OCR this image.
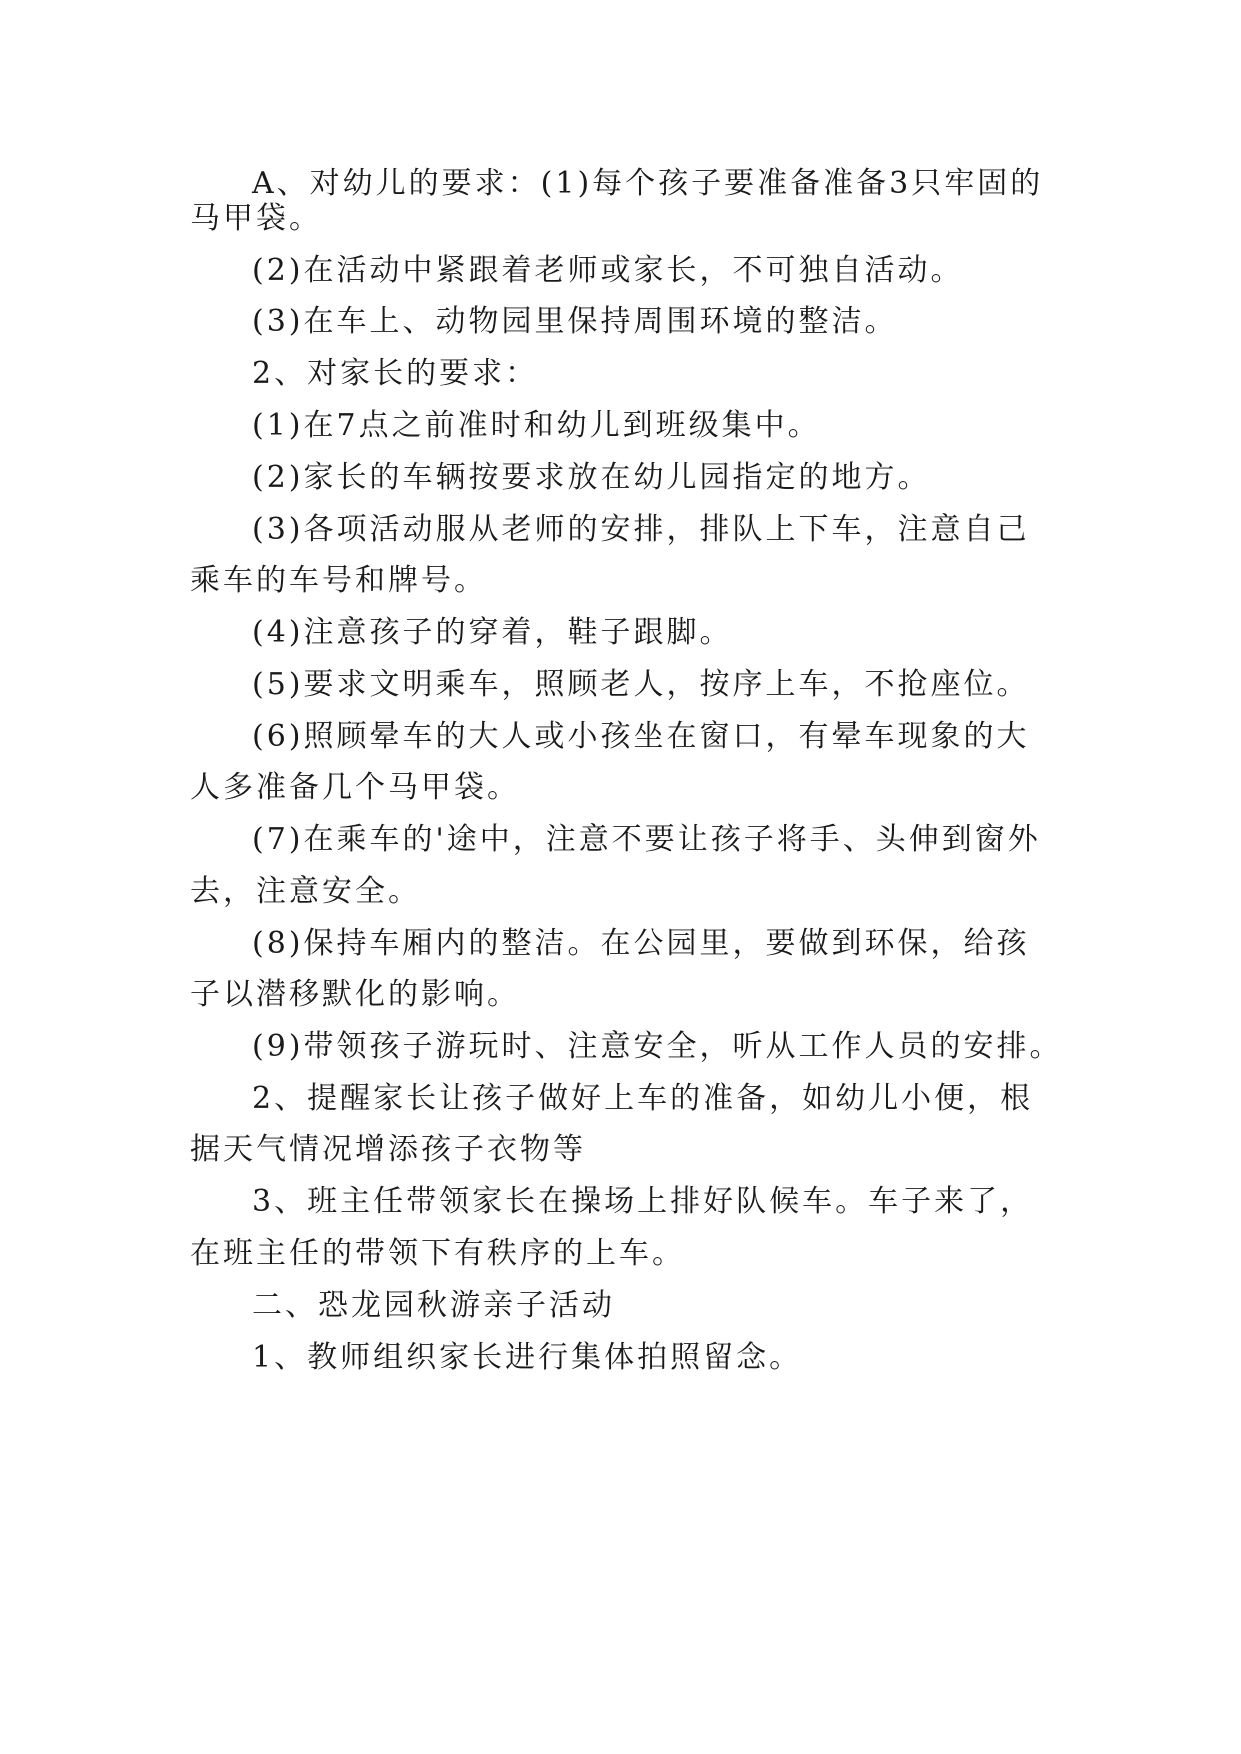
A、对幼儿的要求：(1)每个孩子要准备准备3只牢固的
马甲袋。
(2)在活动中紧跟着老师或家长，不可独自活动。
(3)在车上、动物园里保持周围环境的整洁。
2、对家长的要求：
(1)在7点之前准时和幼儿到班级集中。
(2)家长的车辆按要求放在幼儿园指定的地方。
(3)各项活动服从老师的安排，排队上下车，注意自己
乘车的车号和牌号。
(4)注意孩子的穿着，鞋子跟脚。
(5)要求文明乘车，照顾老人，按序上车，不抢座位。
(6)照顾晕车的大人或小孩坐在窗口，有晕车现象的大
人多准备几个马甲袋。
(7)在乘车的'途中，注意不要让孩子将手、头伸到窗外
去，注意安全。
(8)保持车厢内的整洁。在公园里，要做到环保，给孩
子以潜移默化的影响。
(9)带领孩子游玩时、注意安全，听从工作人员的安排。
2、提醒家长让孩子做好上车的准备，如幼儿小便，根
据天气情况增添孩子衣物等
3、班主任带领家长在操场上排好队候车。车子来了，
在班主任的带领下有秩序的上车。
二、恐龙园秋游亲子活动
1、教师组织家长进行集体拍照留念。
